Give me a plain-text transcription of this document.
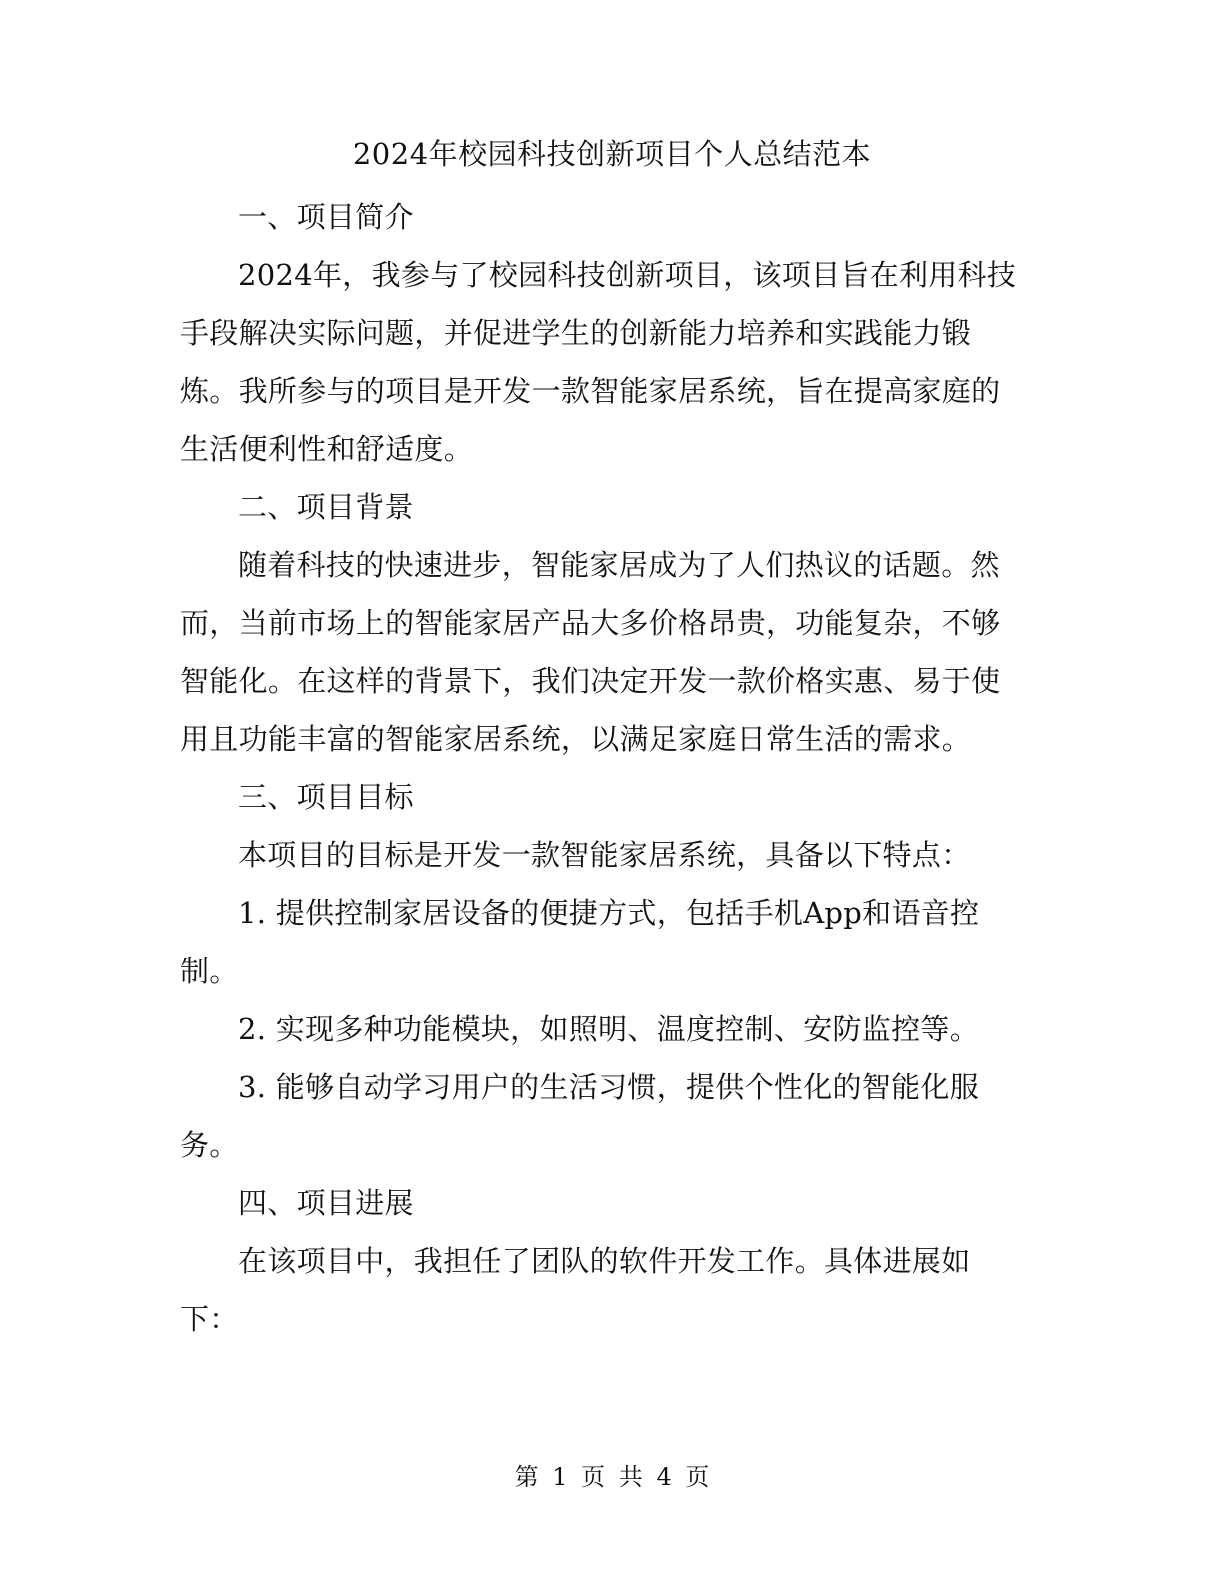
2024年校园科技创新项目个人总结范本

一、项目简介

2024年，我参与了校园科技创新项目，该项目旨在利用科技

手段解决实际问题，并促进学生的创新能力培养和实践能力锻

炼。我所参与的项目是开发一款智能家居系统，旨在提高家庭的

生活便利性和舒适度。

二、项目背景

随着科技的快速进步，智能家居成为了人们热议的话题。然

而，当前市场上的智能家居产品大多价格昂贵，功能复杂，不够

智能化。在这样的背景下，我们决定开发一款价格实惠、易于使

用且功能丰富的智能家居系统，以满足家庭日常生活的需求。

三、项目目标

本项目的目标是开发一款智能家居系统，具备以下特点：

1. 提供控制家居设备的便捷方式，包括手机App和语音控

制。

2. 实现多种功能模块，如照明、温度控制、安防监控等。

3. 能够自动学习用户的生活习惯，提供个性化的智能化服

务。

四、项目进展

在该项目中，我担任了团队的软件开发工作。具体进展如

下：

第 1 页 共 4 页
